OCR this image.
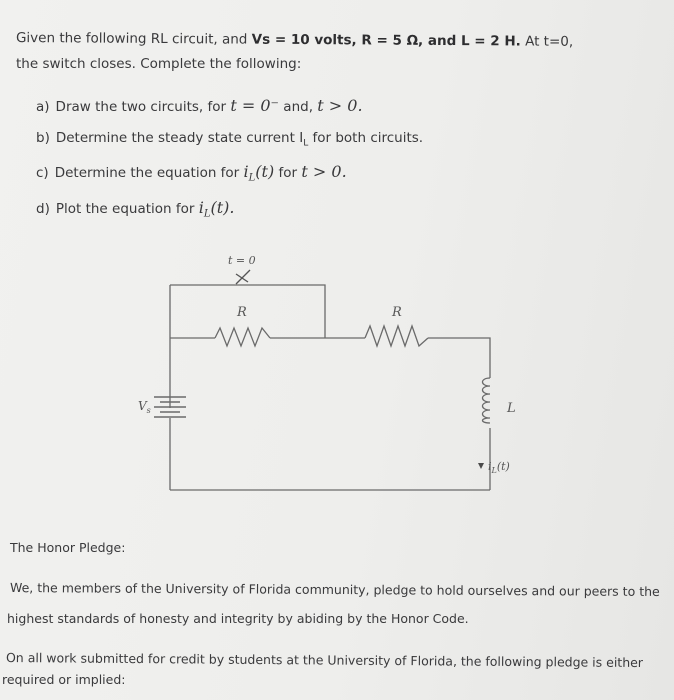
Given the following RL circuit, and Vs = 10 volts, R = 5 Ω, and L = 2 H. At t=0,
the switch closes. Complete the following:
a) Draw the two circuits, for t = 0⁻ and, t > 0.
b) Determine the steady state current $I_L$ for both circuits.
c) Determine the equation for $i_L(t)$ for t > 0.
d) Plot the equation for $i_L(t)$.
t = 0
R	R
$V_s$	L
$i_L(t)$
The Honor Pledge:
We, the members of the University of Florida community, pledge to hold ourselves and our peers to the
highest standards of honesty and integrity by abiding by the Honor Code.
On all work submitted for credit by students at the University of Florida, the following pledge is either
required or implied:
